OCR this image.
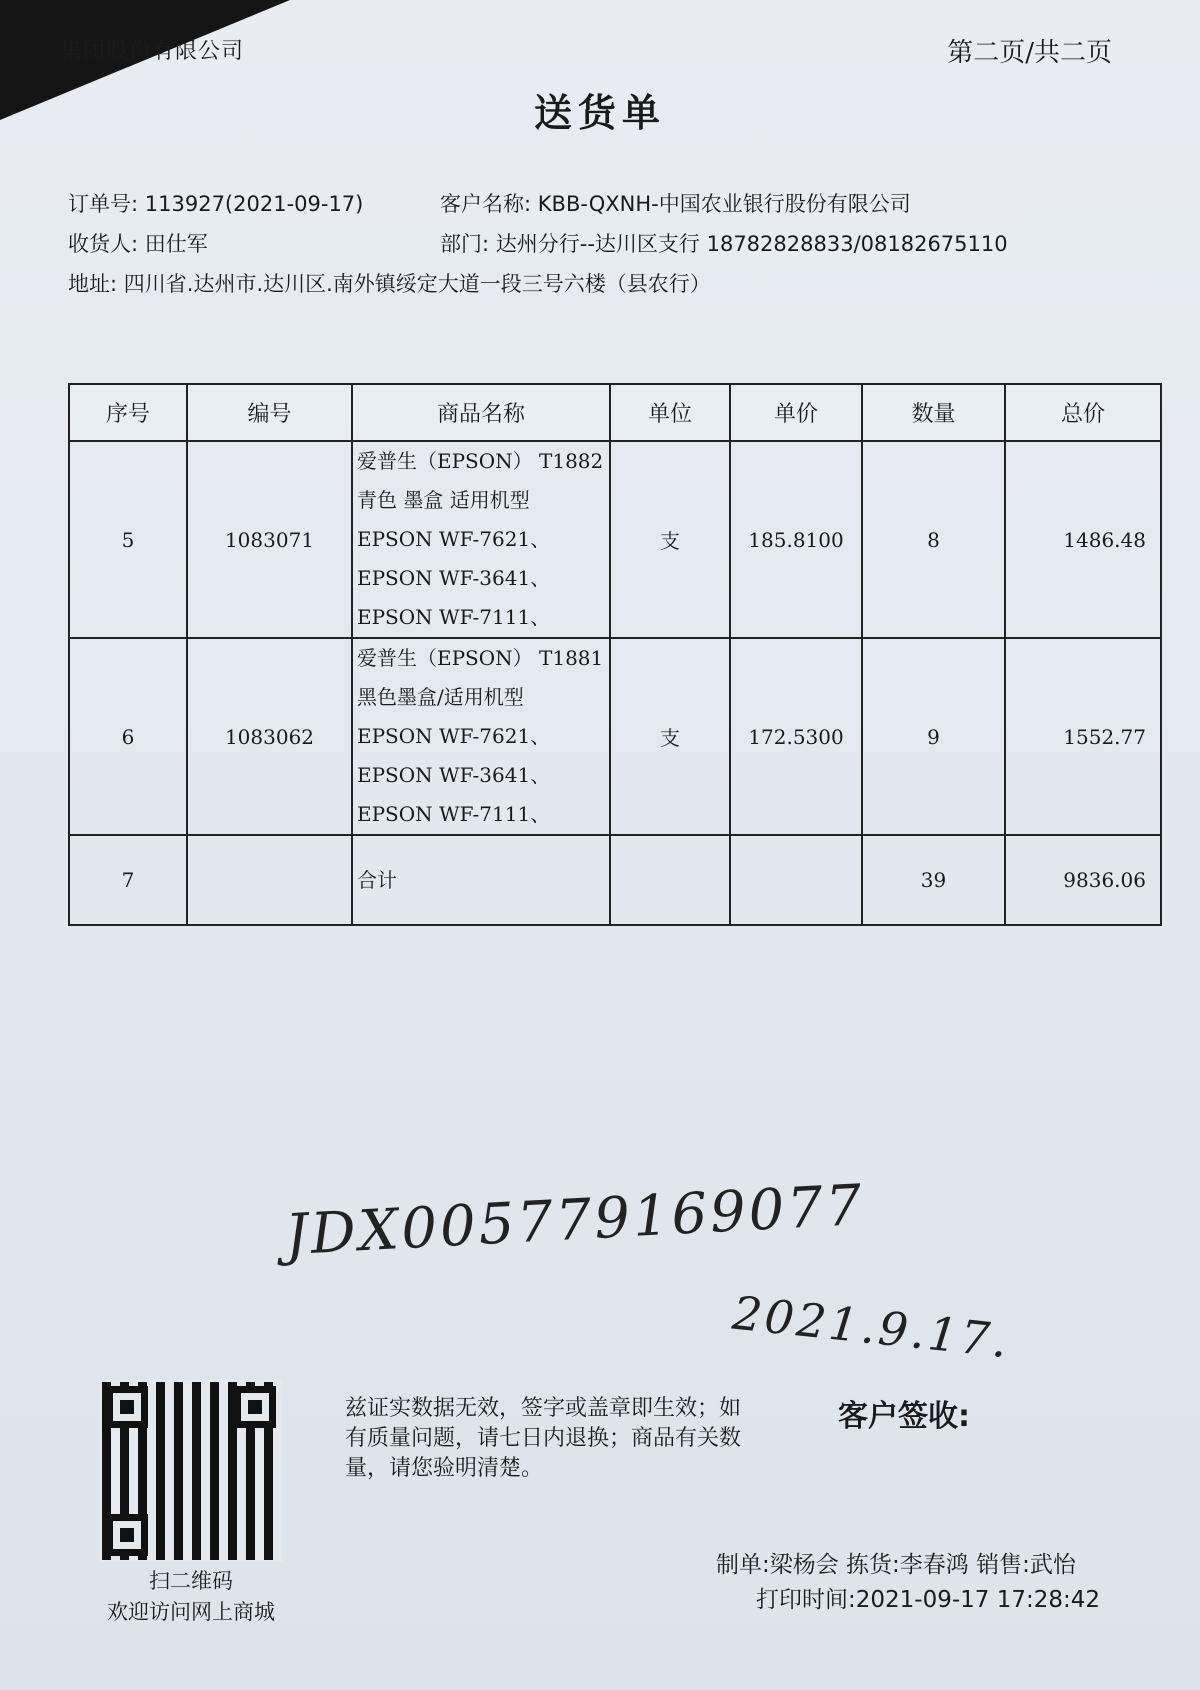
集团股份有限公司	第二页/共二页
送货单
订单号: 113927(2021-09-17)	客户名称: KBB-QXNH-中国农业银行股份有限公司
收货人: 田仕军	部门: 达州分行--达川区支行 18782828833/08182675110
地址: 四川省.达州市.达川区.南外镇绥定大道一段三号六楼（县农行）
序号	编号	商品名称	单位	单价	数量	总价
5	1083071	爱普生（EPSON） T1882
青色 墨盒 适用机型
EPSON WF-7621、
EPSON WF-3641、
EPSON WF-7111、	支	185.8100	8	1486.48
6	1083062	爱普生（EPSON） T1881
黑色墨盒/适用机型
EPSON WF-7621、
EPSON WF-3641、
EPSON WF-7111、	支	172.5300	9	1552.77
7		合计			39	9836.06
JDX005779169077
2021.9.17.
扫二维码
欢迎访问网上商城
兹证实数据无效，签字或盖章即生效；如有质量问题，请七日内退换；商品有关数量，请您验明清楚。
客户签收:
制单:梁杨会 拣货:李春鸿 销售:武怡
打印时间:2021-09-17 17:28:42
